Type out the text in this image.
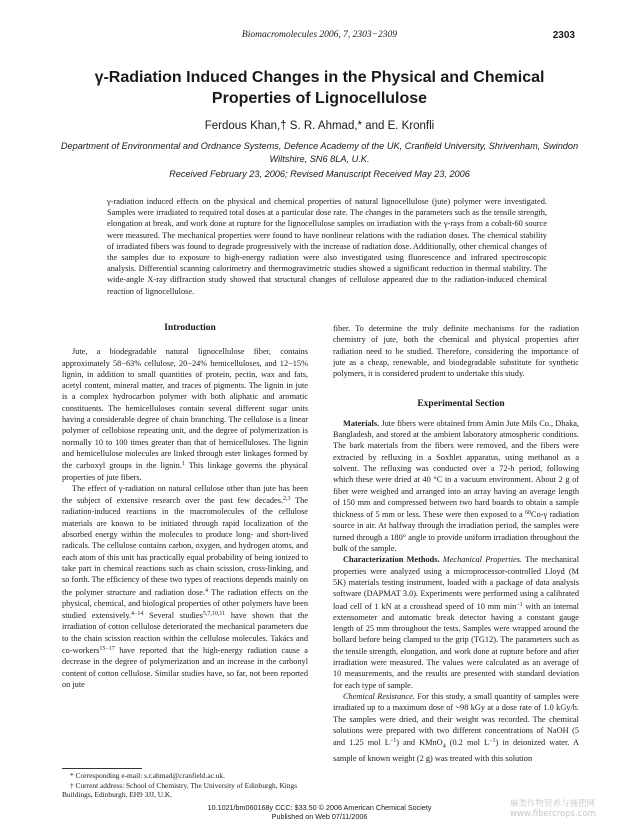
Biomacromolecules 2006, 7, 2303−2309	2303
γ-Radiation Induced Changes in the Physical and Chemical Properties of Lignocellulose
Ferdous Khan,† S. R. Ahmad,* and E. Kronfli
Department of Environmental and Ordnance Systems, Defence Academy of the UK, Cranfield University, Shrivenham, Swindon Wiltshire, SN6 8LA, U.K.
Received February 23, 2006; Revised Manuscript Received May 23, 2006
γ-radiation induced effects on the physical and chemical properties of natural lignocellulose (jute) polymer were investigated. Samples were irradiated to required total doses at a particular dose rate. The changes in the parameters such as the tensile strength, elongation at break, and work done at rupture for the lignocellulose samples on irradiation with the γ-rays from a cobalt-60 source were measured. The mechanical properties were found to have nonlinear relations with the radiation doses. The chemical stability of irradiated fibers was found to degrade progressively with the increase of radiation dose. Additionally, other chemical changes of the samples due to exposure to high-energy radiation were also investigated using fluorescence and infrared spectroscopic analysis. Differential scanning calorimetry and thermogravimetric studies showed a significant reduction in thermal stability. The wide-angle X-ray diffraction study showed that structural changes of cellulose appeared due to the radiation-induced chemical reaction of lignocellulose.

Introduction

Jute, a biodegradable natural lignocellulose fiber, contains approximately 58−63% cellulose, 20−24% hemicelluloses, and 12−15% lignin, in addition to small quantities of protein, pectin, wax and fats, acetyl content, mineral matter, and traces of pigments. The lignin in jute is a complex hydrocarbon polymer with both aliphatic and aromatic constituents. The hemicelluloses contain several different sugar units having a considerable degree of chain branching. The cellulose is a linear polymer of cellobiose repeating unit, and the degree of polymerization is normally 10 to 100 times greater than that of hemicelluloses. The lignin and hemicellulose molecules are linked through ester linkages formed by the carboxyl groups in the lignin.$^1$ This linkage governs the physical properties of jute fibers.

The effect of γ-radiation on natural cellulose other than jute has been the subject of extensive research over the past few decades.$^{2,3}$ The radiation-induced reactions in the macromolecules of the cellulose materials are known to be initiated through rapid localization of the absorbed energy within the molecules to produce long- and short-lived radicals. The cellulose contains carbon, oxygen, and hydrogen atoms, and each atom of this unit has practically equal probability of being ionized to take part in chemical reactions such as chain scission, cross-linking, and so forth. The efficiency of these two types of reactions depends mainly on the polymer structure and radiation dose.$^4$ The radiation effects on the physical, chemical, and biological properties of other polymers have been studied extensively.$^{4-14}$ Several studies$^{5,7,10,11}$ have shown that the irradiation of cotton cellulose deteriorated the mechanical parameters due to the chain scission reaction within the cellulose molecules. Takács and co-workers$^{15-17}$ have reported that the high-energy radiation cause a decrease in the degree of polymerization and an increase in the carbonyl content of cotton cellulose. Similar studies have, so far, not been reported on jute

fiber. To determine the truly definite mechanisms for the radiation chemistry of jute, both the chemical and physical properties after radiation need to be studied. Therefore, considering the importance of jute as a cheap, renewable, and biodegradable substitute for synthetic polymers, it is considered prudent to undertake this study.

Experimental Section

Materials. Jute fibers were obtained from Amin Jute Mils Co., Dhaka, Bangladesh, and stored at the ambient laboratory atmospheric conditions. The bark materials from the fibers were removed, and the fibers were extracted by refluxing in a Soxhlet apparatus, using methanol as a solvent. The refluxing was conducted over a 72-h period, following which these were dried at 40 °C in a vacuum environment. About 2 g of fiber were weighed and arranged into an array having an average length of 150 mm and compressed between two hard boards to obtain a sample thickness of 5 mm or less. These were then exposed to a $^{60}$Co-γ radiation source in air. At halfway through the irradiation period, the samples were turned through a 180° angle to provide uniform irradiation throughout the bulk of the sample.

Characterization Methods. Mechanical Properties. The mechanical properties were analyzed using a microprocessor-controlled Lloyd (M 5K) materials testing instrument, loaded with a package of data analysis software (DAPMAT 3.0). Experiments were performed using a calibrated load cell of 1 kN at a crosshead speed of 10 mm $\min^{-1}$ with an internal extensometer and automatic break detector having a constant gauge length of 25 mm throughout the tests. Samples were wrapped around the bollard before being clamped to the grip (TG12). The parameters such as the tensile strength, elongation, and work done at rupture before and after irradiation were measured. The values were calculated as an average of 10 measurements, and the results are presented with standard deviation for each type of sample.

Chemical Resistance. For this study, a small quantity of samples were irradiated up to a maximum dose of ~98 kGy at a dose rate of 1.0 kGy/h. The samples were dried, and their weight was recorded. The chemical solutions were prepared with two different concentrations of NaOH (5 and 1.25 mol $L^{-1}$) and KMnO$_4$ (0.2 mol $L^{-1}$) in deionized water. A sample of known weight (2 g) was treated with this solution

* Corresponding e-mail: s.r.ahmad@cranfield.ac.uk.
† Current address: School of Chemistry, The University of Edinburgh, Kings Buildings, Edinburgh, EH9 3JJ, U.K.
10.1021/bm060168y CCC: $33.50 © 2006 American Chemical Society
Published on Web 07/11/2006
麻类作物营养与施肥网
www.fibercrops.com
